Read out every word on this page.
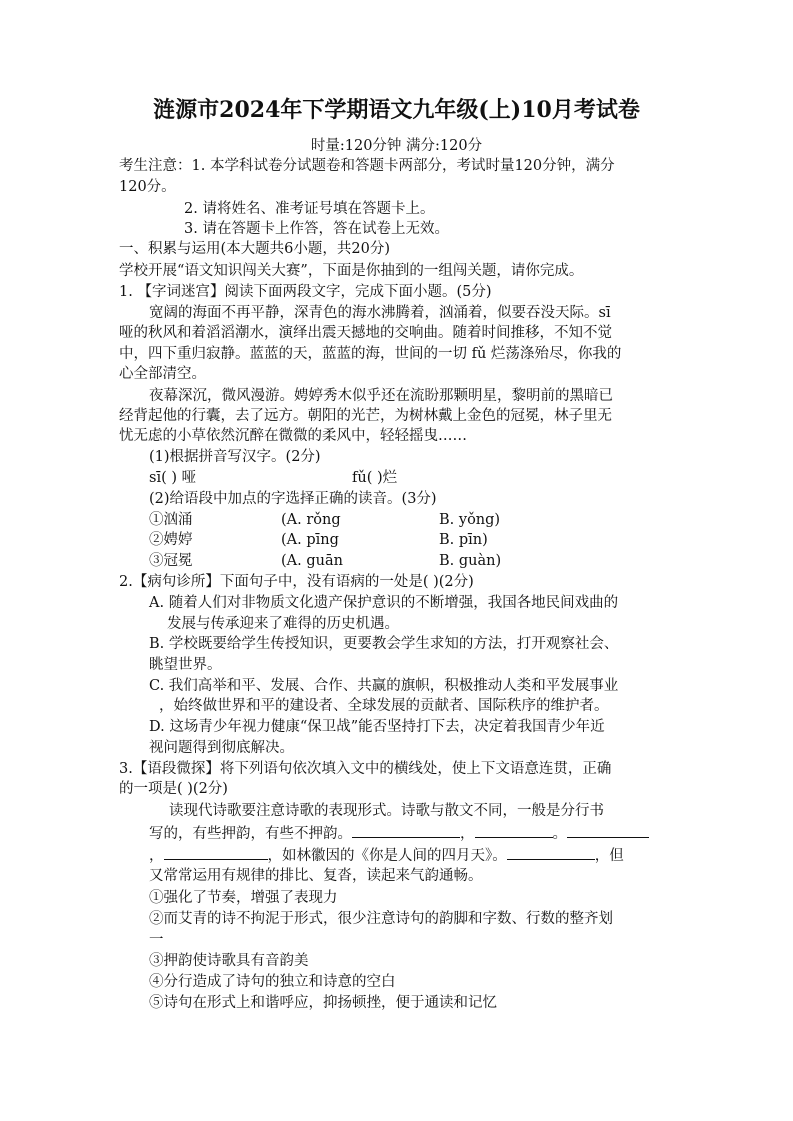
涟源市2024年下学期语文九年级(上)10月考试卷
时量:120分钟 满分:120分
考生注意：1. 本学科试卷分试题卷和答题卡两部分，考试时量120分钟，满分
120分。
2. 请将姓名、准考证号填在答题卡上。
3. 请在答题卡上作答，答在试卷上无效。
一、积累与运用(本大题共6小题，共20分)
学校开展“语文知识闯关大赛”，下面是你抽到的一组闯关题，请你完成。
1. 【字词迷宫】阅读下面两段文字，完成下面小题。(5分)
宽阔的海面不再平静，深青色的海水沸腾着，汹涌着，似要吞没天际。sī
哑的秋风和着滔滔潮水，演绎出震天撼地的交响曲。随着时间推移，不知不觉
中，四下重归寂静。蓝蓝的天，蓝蓝的海，世间的一切 fǔ 烂荡涤殆尽，你我的
心全部清空。
夜幕深沉，微风漫游。娉婷秀木似乎还在流盼那颗明星，黎明前的黑暗已
经背起他的行囊，去了远方。朝阳的光芒，为树林戴上金色的冠冕，林子里无
忧无虑的小草依然沉醉在微微的柔风中，轻轻摇曳……
(1)根据拼音写汉字。(2分)
sī( ) 哑	fǔ( )烂
(2)给语段中加点的字选择正确的读音。(3分)
①汹涌	(A. rǒng	B. yǒng)
②娉婷	(A. pīng	B. pīn)
③冠冕	(A. guān	B. guàn)
2.【病句诊所】下面句子中，没有语病的一处是( )(2分)
A. 随着人们对非物质文化遗产保护意识的不断增强，我国各地民间戏曲的
发展与传承迎来了难得的历史机遇。
B. 学校既要给学生传授知识，更要教会学生求知的方法，打开观察社会、
眺望世界。
C. 我们高举和平、发展、合作、共赢的旗帜，积极推动人类和平发展事业
，始终做世界和平的建设者、全球发展的贡献者、国际秩序的维护者。
D. 这场青少年视力健康“保卫战”能否坚持打下去，决定着我国青少年近
视问题得到彻底解决。
3.【语段微探】将下列语句依次填入文中的横线处，使上下文语意连贯，正确
的一项是( )(2分)
读现代诗歌要注意诗歌的表现形式。诗歌与散文不同，一般是分行书
写的，有些押韵，有些不押韵。	，	。
，	，如林徽因的《你是人间的四月天》。	，但
又常常运用有规律的排比、复沓，读起来气韵通畅。
①强化了节奏，增强了表现力
②而艾青的诗不拘泥于形式，很少注意诗句的韵脚和字数、行数的整齐划
一
③押韵使诗歌具有音韵美
④分行造成了诗句的独立和诗意的空白
⑤诗句在形式上和谐呼应，抑扬顿挫，便于通读和记忆
